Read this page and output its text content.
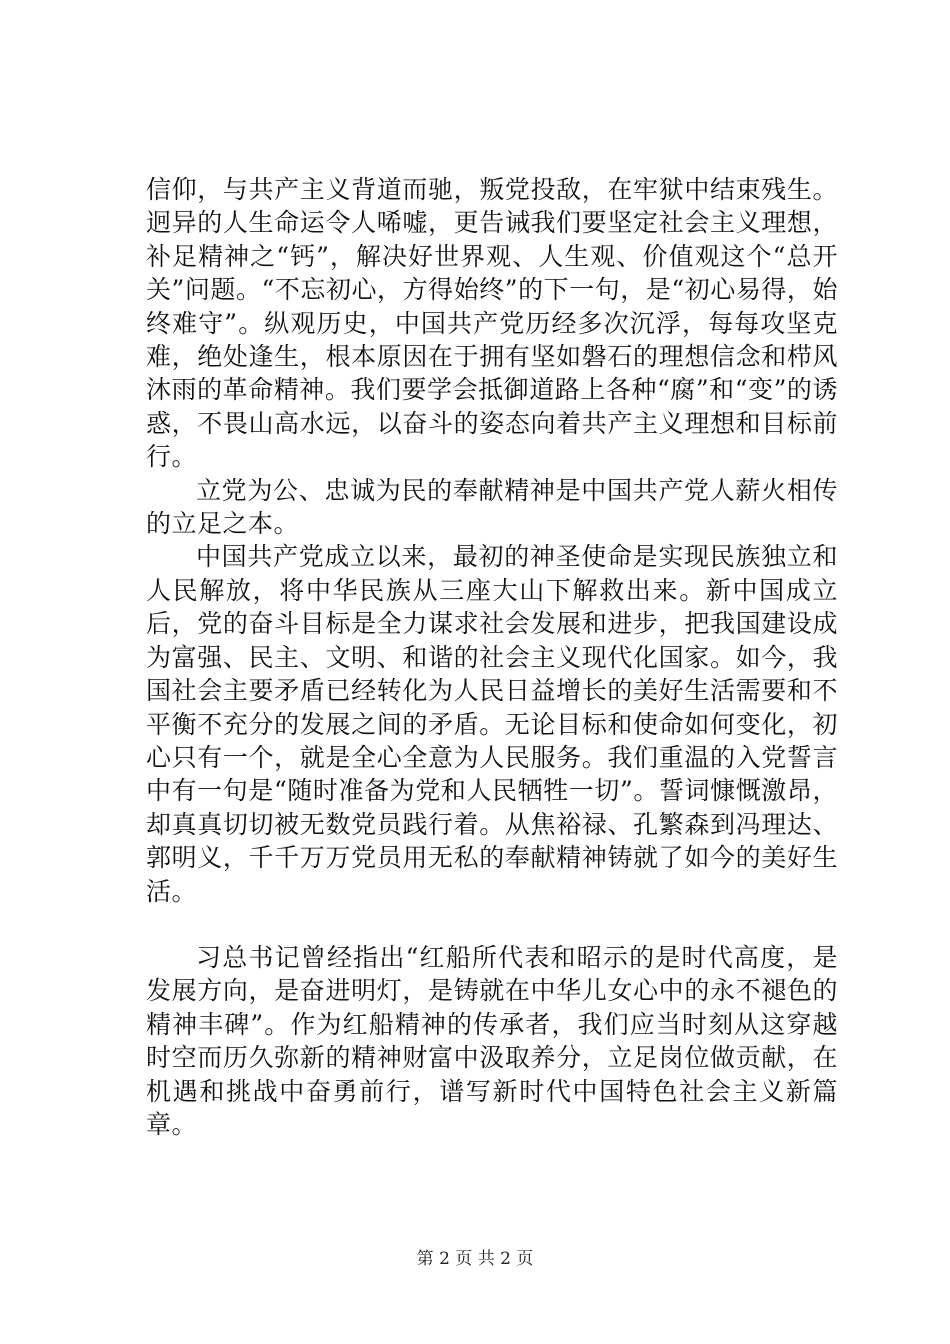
信仰，与共产主义背道而驰，叛党投敌，在牢狱中结束残生。迥异的人生命运令人唏嘘，更告诫我们要坚定社会主义理想，补足精神之“钙”，解决好世界观、人生观、价值观这个“总开关”问题。“不忘初心，方得始终”的下一句，是“初心易得，始终难守”。纵观历史，中国共产党历经多次沉浮，每每攻坚克难，绝处逢生，根本原因在于拥有坚如磐石的理想信念和栉风沐雨的革命精神。我们要学会抵御道路上各种“腐”和“变”的诱惑，不畏山高水远，以奋斗的姿态向着共产主义理想和目标前行。

立党为公、忠诚为民的奉献精神是中国共产党人薪火相传的立足之本。

中国共产党成立以来，最初的神圣使命是实现民族独立和人民解放，将中华民族从三座大山下解救出来。新中国成立后，党的奋斗目标是全力谋求社会发展和进步，把我国建设成为富强、民主、文明、和谐的社会主义现代化国家。如今，我国社会主要矛盾已经转化为人民日益增长的美好生活需要和不平衡不充分的发展之间的矛盾。无论目标和使命如何变化，初心只有一个，就是全心全意为人民服务。我们重温的入党誓言中有一句是“随时准备为党和人民牺牲一切”。誓词慷慨激昂，却真真切切被无数党员践行着。从焦裕禄、孔繁森到冯理达、郭明义，千千万万党员用无私的奉献精神铸就了如今的美好生活。

习总书记曾经指出“红船所代表和昭示的是时代高度，是发展方向，是奋进明灯，是铸就在中华儿女心中的永不褪色的精神丰碑”。作为红船精神的传承者，我们应当时刻从这穿越时空而历久弥新的精神财富中汲取养分，立足岗位做贡献，在机遇和挑战中奋勇前行，谱写新时代中国特色社会主义新篇章。

第 2 页 共 2 页
